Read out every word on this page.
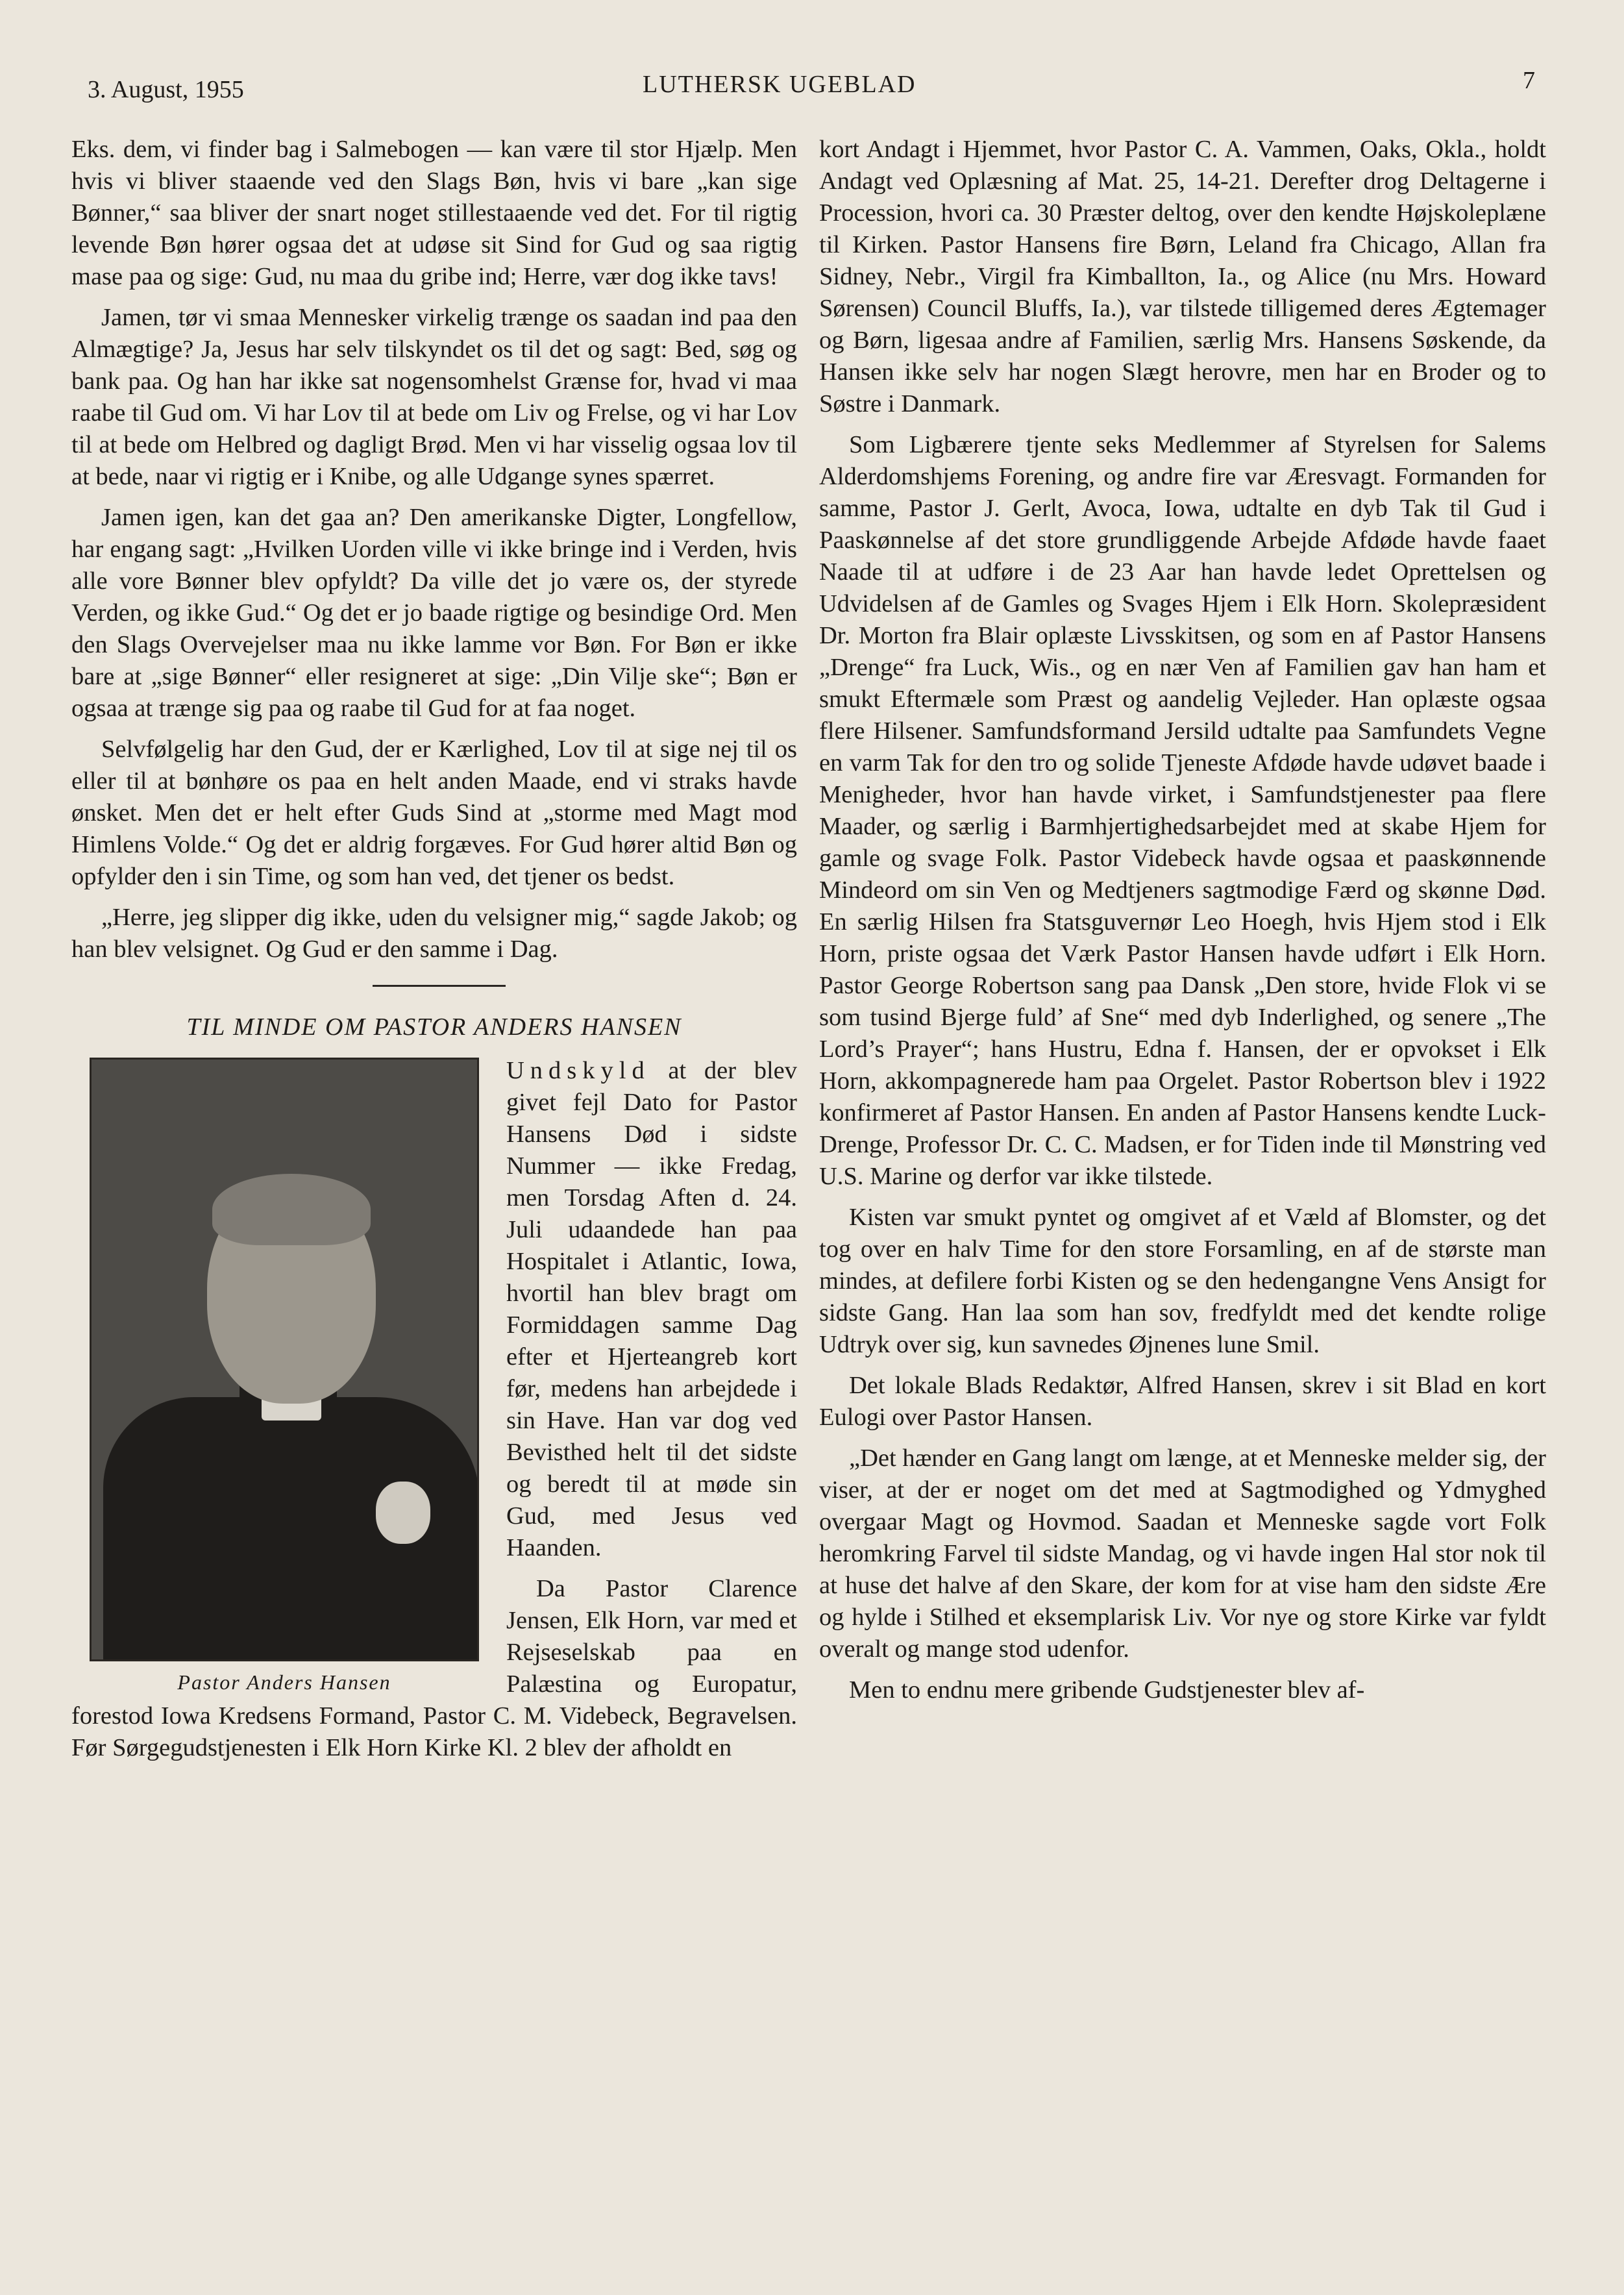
3. August, 1955	LUTHERSK UGEBLAD	7

Eks. dem, vi finder bag i Salmebogen — kan være til stor Hjælp. Men hvis vi bliver staaende ved den Slags Bøn, hvis vi bare „kan sige Bønner,“ saa bliver der snart noget stillestaaende ved det. For til rigtig levende Bøn hører ogsaa det at udøse sit Sind for Gud og saa rigtig mase paa og sige: Gud, nu maa du gribe ind; Herre, vær dog ikke tavs!

Jamen, tør vi smaa Mennesker virkelig trænge os saadan ind paa den Almægtige? Ja, Jesus har selv tilskyndet os til det og sagt: Bed, søg og bank paa. Og han har ikke sat nogensomhelst Grænse for, hvad vi maa raabe til Gud om. Vi har Lov til at bede om Liv og Frelse, og vi har Lov til at bede om Helbred og dagligt Brød. Men vi har visselig ogsaa lov til at bede, naar vi rigtig er i Knibe, og alle Udgange synes spærret.

Jamen igen, kan det gaa an? Den amerikanske Digter, Longfellow, har engang sagt: „Hvilken Uorden ville vi ikke bringe ind i Verden, hvis alle vore Bønner blev opfyldt? Da ville det jo være os, der styrede Verden, og ikke Gud.“ Og det er jo baade rigtige og besindige Ord. Men den Slags Overvejelser maa nu ikke lamme vor Bøn. For Bøn er ikke bare at „sige Bønner“ eller resigneret at sige: „Din Vilje ske“; Bøn er ogsaa at trænge sig paa og raabe til Gud for at faa noget.

Selvfølgelig har den Gud, der er Kærlighed, Lov til at sige nej til os eller til at bønhøre os paa en helt anden Maade, end vi straks havde ønsket. Men det er helt efter Guds Sind at „storme med Magt mod Himlens Volde.“ Og det er aldrig forgæves. For Gud hører altid Bøn og opfylder den i sin Time, og som han ved, det tjener os bedst.

„Herre, jeg slipper dig ikke, uden du velsigner mig,“ sagde Jakob; og han blev velsignet. Og Gud er den samme i Dag.

TIL MINDE OM PASTOR ANDERS HANSEN
Pastor Anders Hansen

Undskyld at der blev givet fejl Dato for Pastor Hansens Død i sidste Nummer — ikke Fredag, men Torsdag Aften d. 24. Juli udaandede han paa Hospitalet i Atlantic, Iowa, hvortil han blev bragt om Formiddagen samme Dag efter et Hjerteangreb kort før, medens han arbejdede i sin Have. Han var dog ved Bevisthed helt til det sidste og beredt til at møde sin Gud, med Jesus ved Haanden.

Da Pastor Clarence Jensen, Elk Horn, var med et Rejseselskab paa en Palæstina og Europatur, forestod Iowa Kredsens Formand, Pastor C. M. Videbeck, Begravelsen. Før Sørgegudstjenesten i Elk Horn Kirke Kl. 2 blev der afholdt en

kort Andagt i Hjemmet, hvor Pastor C. A. Vammen, Oaks, Okla., holdt Andagt ved Oplæsning af Mat. 25, 14-21. Derefter drog Deltagerne i Procession, hvori ca. 30 Præster deltog, over den kendte Højskoleplæne til Kirken. Pastor Hansens fire Børn, Leland fra Chicago, Allan fra Sidney, Nebr., Virgil fra Kimballton, Ia., og Alice (nu Mrs. Howard Sørensen) Council Bluffs, Ia.), var tilstede tilligemed deres Ægtemager og Børn, ligesaa andre af Familien, særlig Mrs. Hansens Søskende, da Hansen ikke selv har nogen Slægt herovre, men har en Broder og to Søstre i Danmark.

Som Ligbærere tjente seks Medlemmer af Styrelsen for Salems Alderdomshjems Forening, og andre fire var Æresvagt. Formanden for samme, Pastor J. Gerlt, Avoca, Iowa, udtalte en dyb Tak til Gud i Paaskønnelse af det store grundliggende Arbejde Afdøde havde faaet Naade til at udføre i de 23 Aar han havde ledet Oprettelsen og Udvidelsen af de Gamles og Svages Hjem i Elk Horn. Skolepræsident Dr. Morton fra Blair oplæste Livsskitsen, og som en af Pastor Hansens „Drenge“ fra Luck, Wis., og en nær Ven af Familien gav han ham et smukt Eftermæle som Præst og aandelig Vejleder. Han oplæste ogsaa flere Hilsener. Samfundsformand Jersild udtalte paa Samfundets Vegne en varm Tak for den tro og solide Tjeneste Afdøde havde udøvet baade i Menigheder, hvor han havde virket, i Samfundstjenester paa flere Maader, og særlig i Barmhjertighedsarbejdet med at skabe Hjem for gamle og svage Folk. Pastor Videbeck havde ogsaa et paaskønnende Mindeord om sin Ven og Medtjeners sagtmodige Færd og skønne Død. En særlig Hilsen fra Statsguvernør Leo Hoegh, hvis Hjem stod i Elk Horn, priste ogsaa det Værk Pastor Hansen havde udført i Elk Horn. Pastor George Robertson sang paa Dansk „Den store, hvide Flok vi se som tusind Bjerge fuld’ af Sne“ med dyb Inderlighed, og senere „The Lord’s Prayer“; hans Hustru, Edna f. Hansen, der er opvokset i Elk Horn, akkompagnerede ham paa Orgelet. Pastor Robertson blev i 1922 konfirmeret af Pastor Hansen. En anden af Pastor Hansens kendte Luck-Drenge, Professor Dr. C. C. Madsen, er for Tiden inde til Mønstring ved U.S. Marine og derfor var ikke tilstede.

Kisten var smukt pyntet og omgivet af et Væld af Blomster, og det tog over en halv Time for den store Forsamling, en af de største man mindes, at defilere forbi Kisten og se den hedengangne Vens Ansigt for sidste Gang. Han laa som han sov, fredfyldt med det kendte rolige Udtryk over sig, kun savnedes Øjnenes lune Smil.

Det lokale Blads Redaktør, Alfred Hansen, skrev i sit Blad en kort Eulogi over Pastor Hansen.

„Det hænder en Gang langt om længe, at et Menneske melder sig, der viser, at der er noget om det med at Sagtmodighed og Ydmyghed overgaar Magt og Hovmod. Saadan et Menneske sagde vort Folk heromkring Farvel til sidste Mandag, og vi havde ingen Hal stor nok til at huse det halve af den Skare, der kom for at vise ham den sidste Ære og hylde i Stilhed et eksemplarisk Liv. Vor nye og store Kirke var fyldt overalt og mange stod udenfor.

Men to endnu mere gribende Gudstjenester blev af-
